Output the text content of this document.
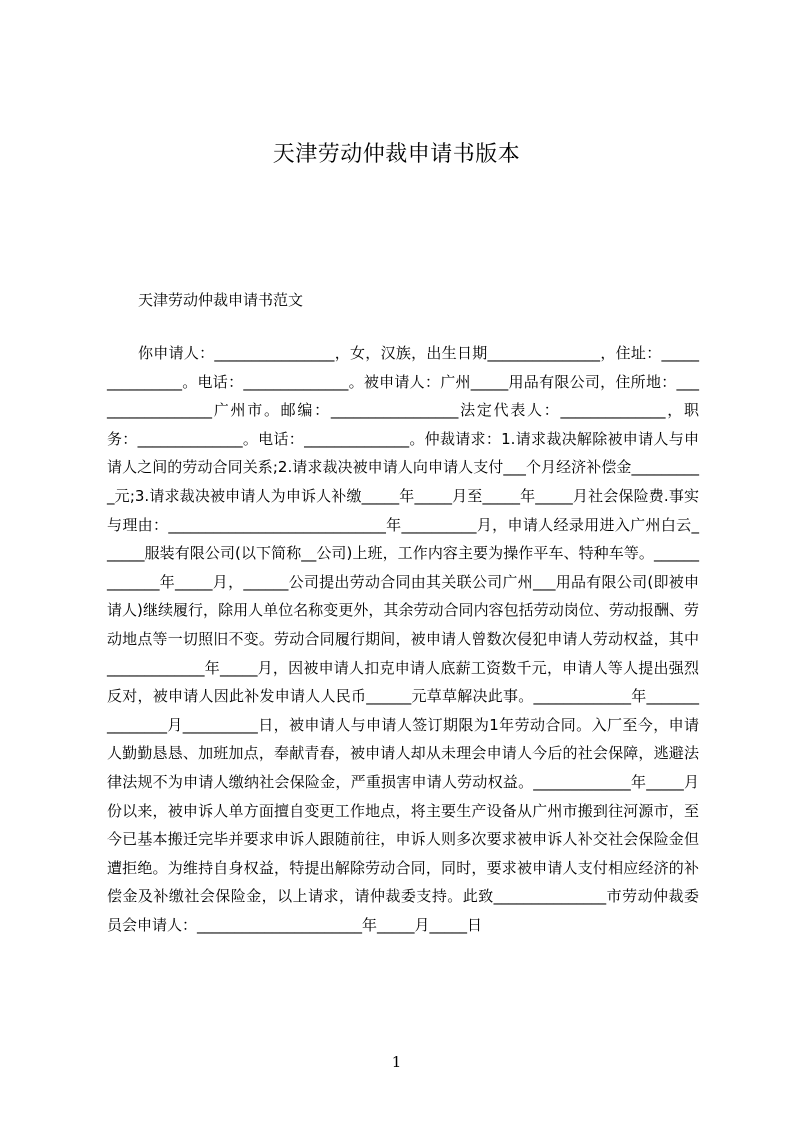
天津劳动仲裁申请书版本
天津劳动仲裁申请书范文
你申请人：________________，女，汉族，出生日期_______________，住址：_______________。电话：______________。被申请人：广州_____用品有限公司，住所地：_________________广州市。邮编：_________________法定代表人：______________，职务：______________。电话：______________。仲裁请求：1.请求裁决解除被申请人与申请人之间的劳动合同关系;2.请求裁决被申请人向申请人支付___个月经济补偿金__________元;3.请求裁决被申请人为申诉人补缴_____年_____月至_____年_____月社会保险费.事实与理由：_____________________________年__________月，申请人经录用进入广州白云______服装有限公司(以下简称__公司)上班，工作内容主要为操作平车、特种车等。_____________年_____月，______公司提出劳动合同由其关联公司广州___用品有限公司(即被申请人)继续履行，除用人单位名称变更外，其余劳动合同内容包括劳动岗位、劳动报酬、劳动地点等一切照旧不变。劳动合同履行期间，被申请人曾数次侵犯申请人劳动权益，其中_____________年_____月，因被申请人扣克申请人底薪工资数千元，申请人等人提出强烈反对，被申请人因此补发申请人人民币______元草草解决此事。_____________年_______________月__________日，被申请人与申请人签订期限为1年劳动合同。入厂至今，申请人勤勤恳恳、加班加点，奉献青春，被申请人却从未理会申请人今后的社会保障，逃避法律法规不为申请人缴纳社会保险金，严重损害申请人劳动权益。_____________年_____月份以来，被申诉人单方面擅自变更工作地点，将主要生产设备从广州市搬到往河源市，至今已基本搬迁完毕并要求申诉人跟随前往，申诉人则多次要求被申诉人补交社会保险金但遭拒绝。为维持自身权益，特提出解除劳动合同，同时，要求被申请人支付相应经济的补偿金及补缴社会保险金，以上请求，请仲裁委支持。此致_______________市劳动仲裁委员会申请人：______________________年_____月_____日
1
